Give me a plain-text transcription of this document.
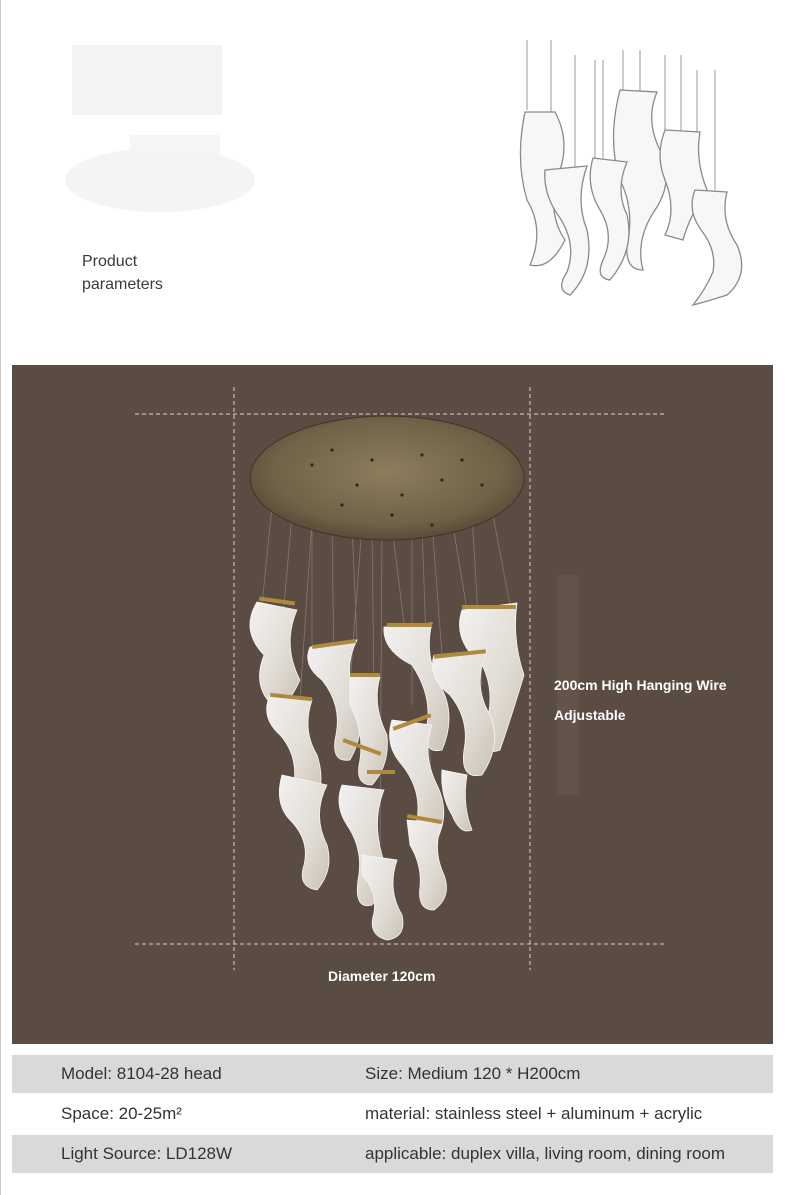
Product
parameters
200cm High Hanging Wire
Adjustable
Diameter 120cm
Model: 8104-28 head	Size: Medium 120 * H200cm
Space: 20-25m²	material: stainless steel + aluminum + acrylic
Light Source: LD128W	applicable: duplex villa, living room, dining room
